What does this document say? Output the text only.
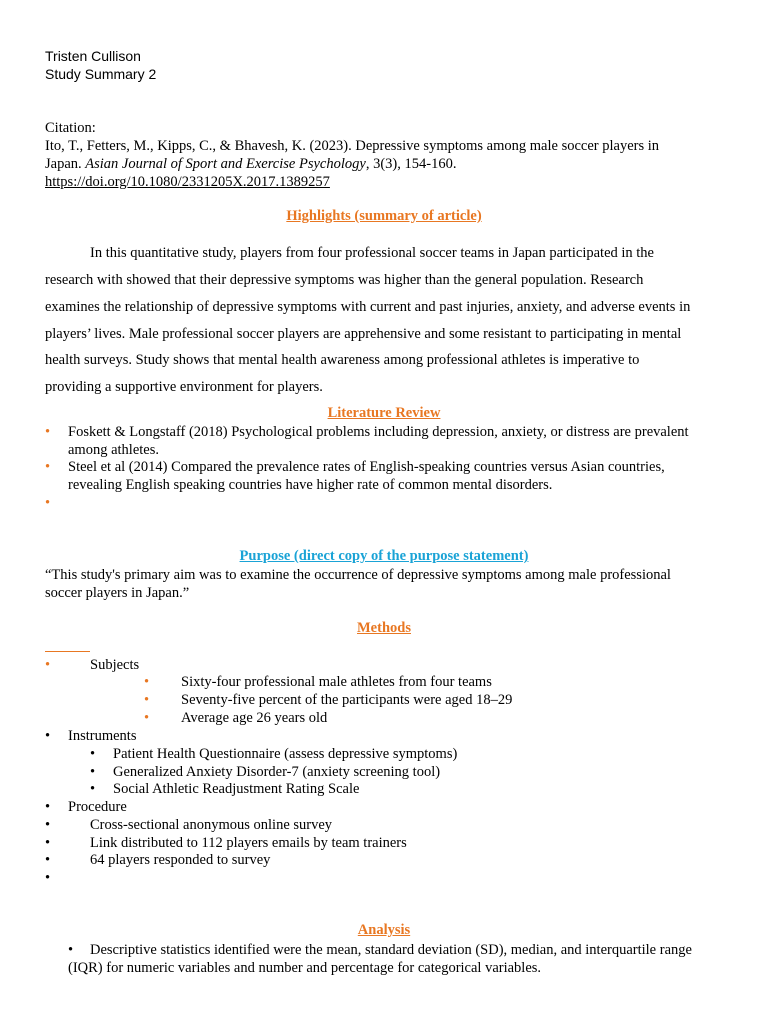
Tristen Cullison
Study Summary 2
Citation:
Ito, T., Fetters, M., Kipps, C., & Bhavesh, K. (2023). Depressive symptoms among male soccer players in
Japan. Asian Journal of Sport and Exercise Psychology, 3(3), 154-160.
https://doi.org/10.1080/2331205X.2017.1389257
Highlights (summary of article)
In this quantitative study, players from four professional soccer teams in Japan participated in the
research with showed that their depressive symptoms was higher than the general population. Research
examines the relationship of depressive symptoms with current and past injuries, anxiety, and adverse events in
players’ lives. Male professional soccer players are apprehensive and some resistant to participating in mental
health surveys. Study shows that mental health awareness among professional athletes is imperative to
providing a supportive environment for players.
Literature Review
• Foskett & Longstaff (2018) Psychological problems including depression, anxiety, or distress are prevalent
among athletes.
• Steel et al (2014) Compared the prevalence rates of English-speaking countries versus Asian countries,
revealing English speaking countries have higher rate of common mental disorders.
•
Purpose (direct copy of the purpose statement)
“This study's primary aim was to examine the occurrence of depressive symptoms among male professional
soccer players in Japan.”
Methods
•	Subjects
• Sixty-four professional male athletes from four teams
• Seventy-five percent of the participants were aged 18–29
• Average age 26 years old
• Instruments
• Patient Health Questionnaire (assess depressive symptoms)
• Generalized Anxiety Disorder-7 (anxiety screening tool)
• Social Athletic Readjustment Rating Scale
• Procedure
•	Cross-sectional anonymous online survey
•	Link distributed to 112 players emails by team trainers
•	64 players responded to survey
•
Analysis
• Descriptive statistics identified were the mean, standard deviation (SD), median, and interquartile range
(IQR) for numeric variables and number and percentage for categorical variables.
